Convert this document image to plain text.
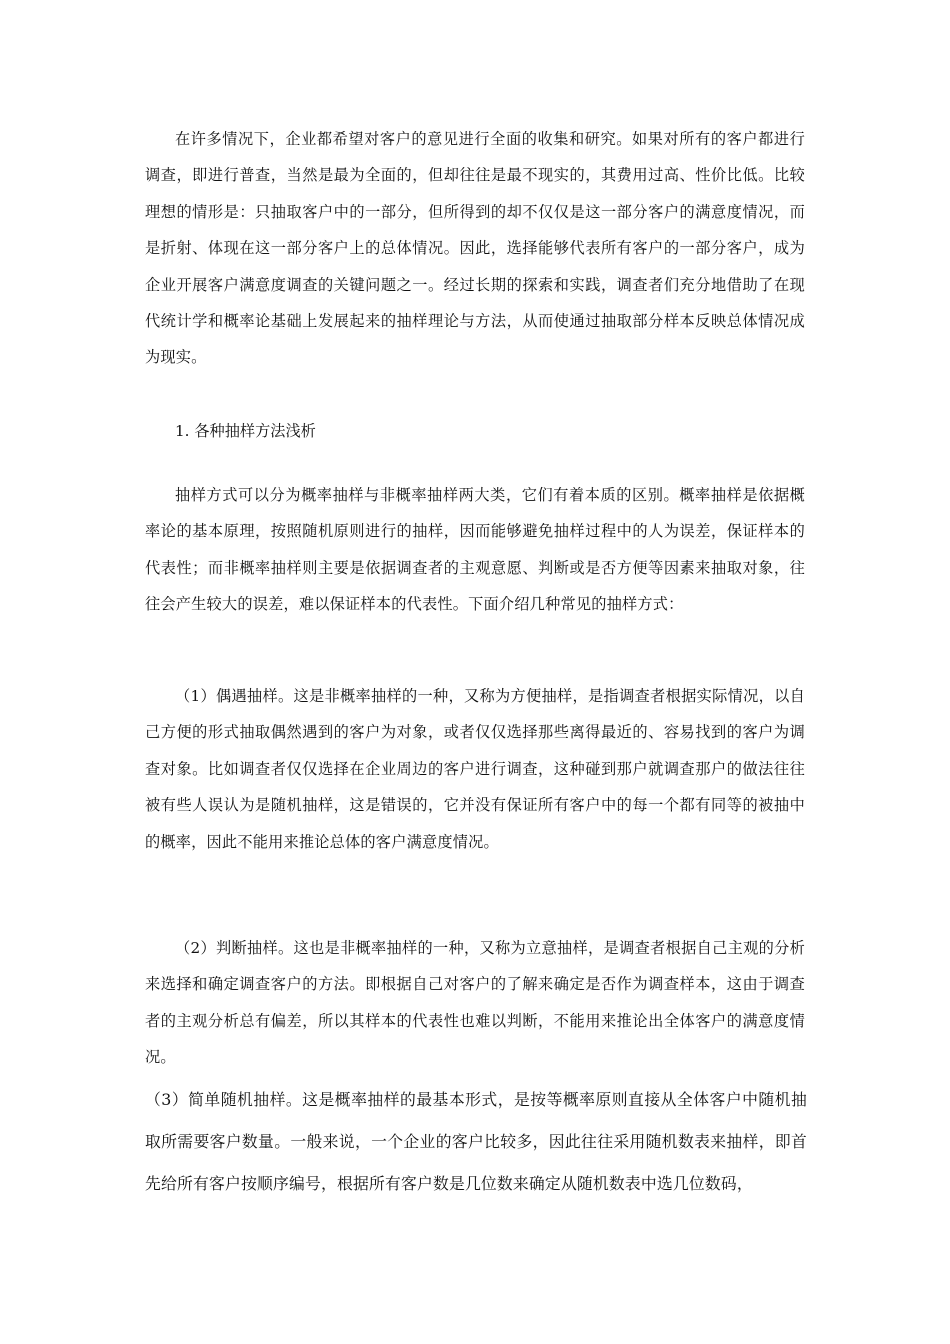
在许多情况下，企业都希望对客户的意见进行全面的收集和研究。如果对所有的客户都进行调查，即进行普查，当然是最为全面的，但却往往是最不现实的，其费用过高、性价比低。比较理想的情形是：只抽取客户中的一部分，但所得到的却不仅仅是这一部分客户的满意度情况，而是折射、体现在这一部分客户上的总体情况。因此，选择能够代表所有客户的一部分客户，成为企业开展客户满意度调查的关键问题之一。经过长期的探索和实践，调查者们充分地借助了在现代统计学和概率论基础上发展起来的抽样理论与方法，从而使通过抽取部分样本反映总体情况成为现实。

1. 各种抽样方法浅析

抽样方式可以分为概率抽样与非概率抽样两大类，它们有着本质的区别。概率抽样是依据概率论的基本原理，按照随机原则进行的抽样，因而能够避免抽样过程中的人为误差，保证样本的代表性；而非概率抽样则主要是依据调查者的主观意愿、判断或是否方便等因素来抽取对象，往往会产生较大的误差，难以保证样本的代表性。下面介绍几种常见的抽样方式：

（1）偶遇抽样。这是非概率抽样的一种，又称为方便抽样，是指调查者根据实际情况，以自己方便的形式抽取偶然遇到的客户为对象，或者仅仅选择那些离得最近的、容易找到的客户为调查对象。比如调查者仅仅选择在企业周边的客户进行调查，这种碰到那户就调查那户的做法往往被有些人误认为是随机抽样，这是错误的，它并没有保证所有客户中的每一个都有同等的被抽中的概率，因此不能用来推论总体的客户满意度情况。

（2）判断抽样。这也是非概率抽样的一种，又称为立意抽样，是调查者根据自己主观的分析来选择和确定调查客户的方法。即根据自己对客户的了解来确定是否作为调查样本，这由于调查者的主观分析总有偏差，所以其样本的代表性也难以判断，不能用来推论出全体客户的满意度情况。

（3）简单随机抽样。这是概率抽样的最基本形式，是按等概率原则直接从全体客户中随机抽取所需要客户数量。一般来说，一个企业的客户比较多，因此往往采用随机数表来抽样，即首先给所有客户按顺序编号，根据所有客户数是几位数来确定从随机数表中选几位数码，
